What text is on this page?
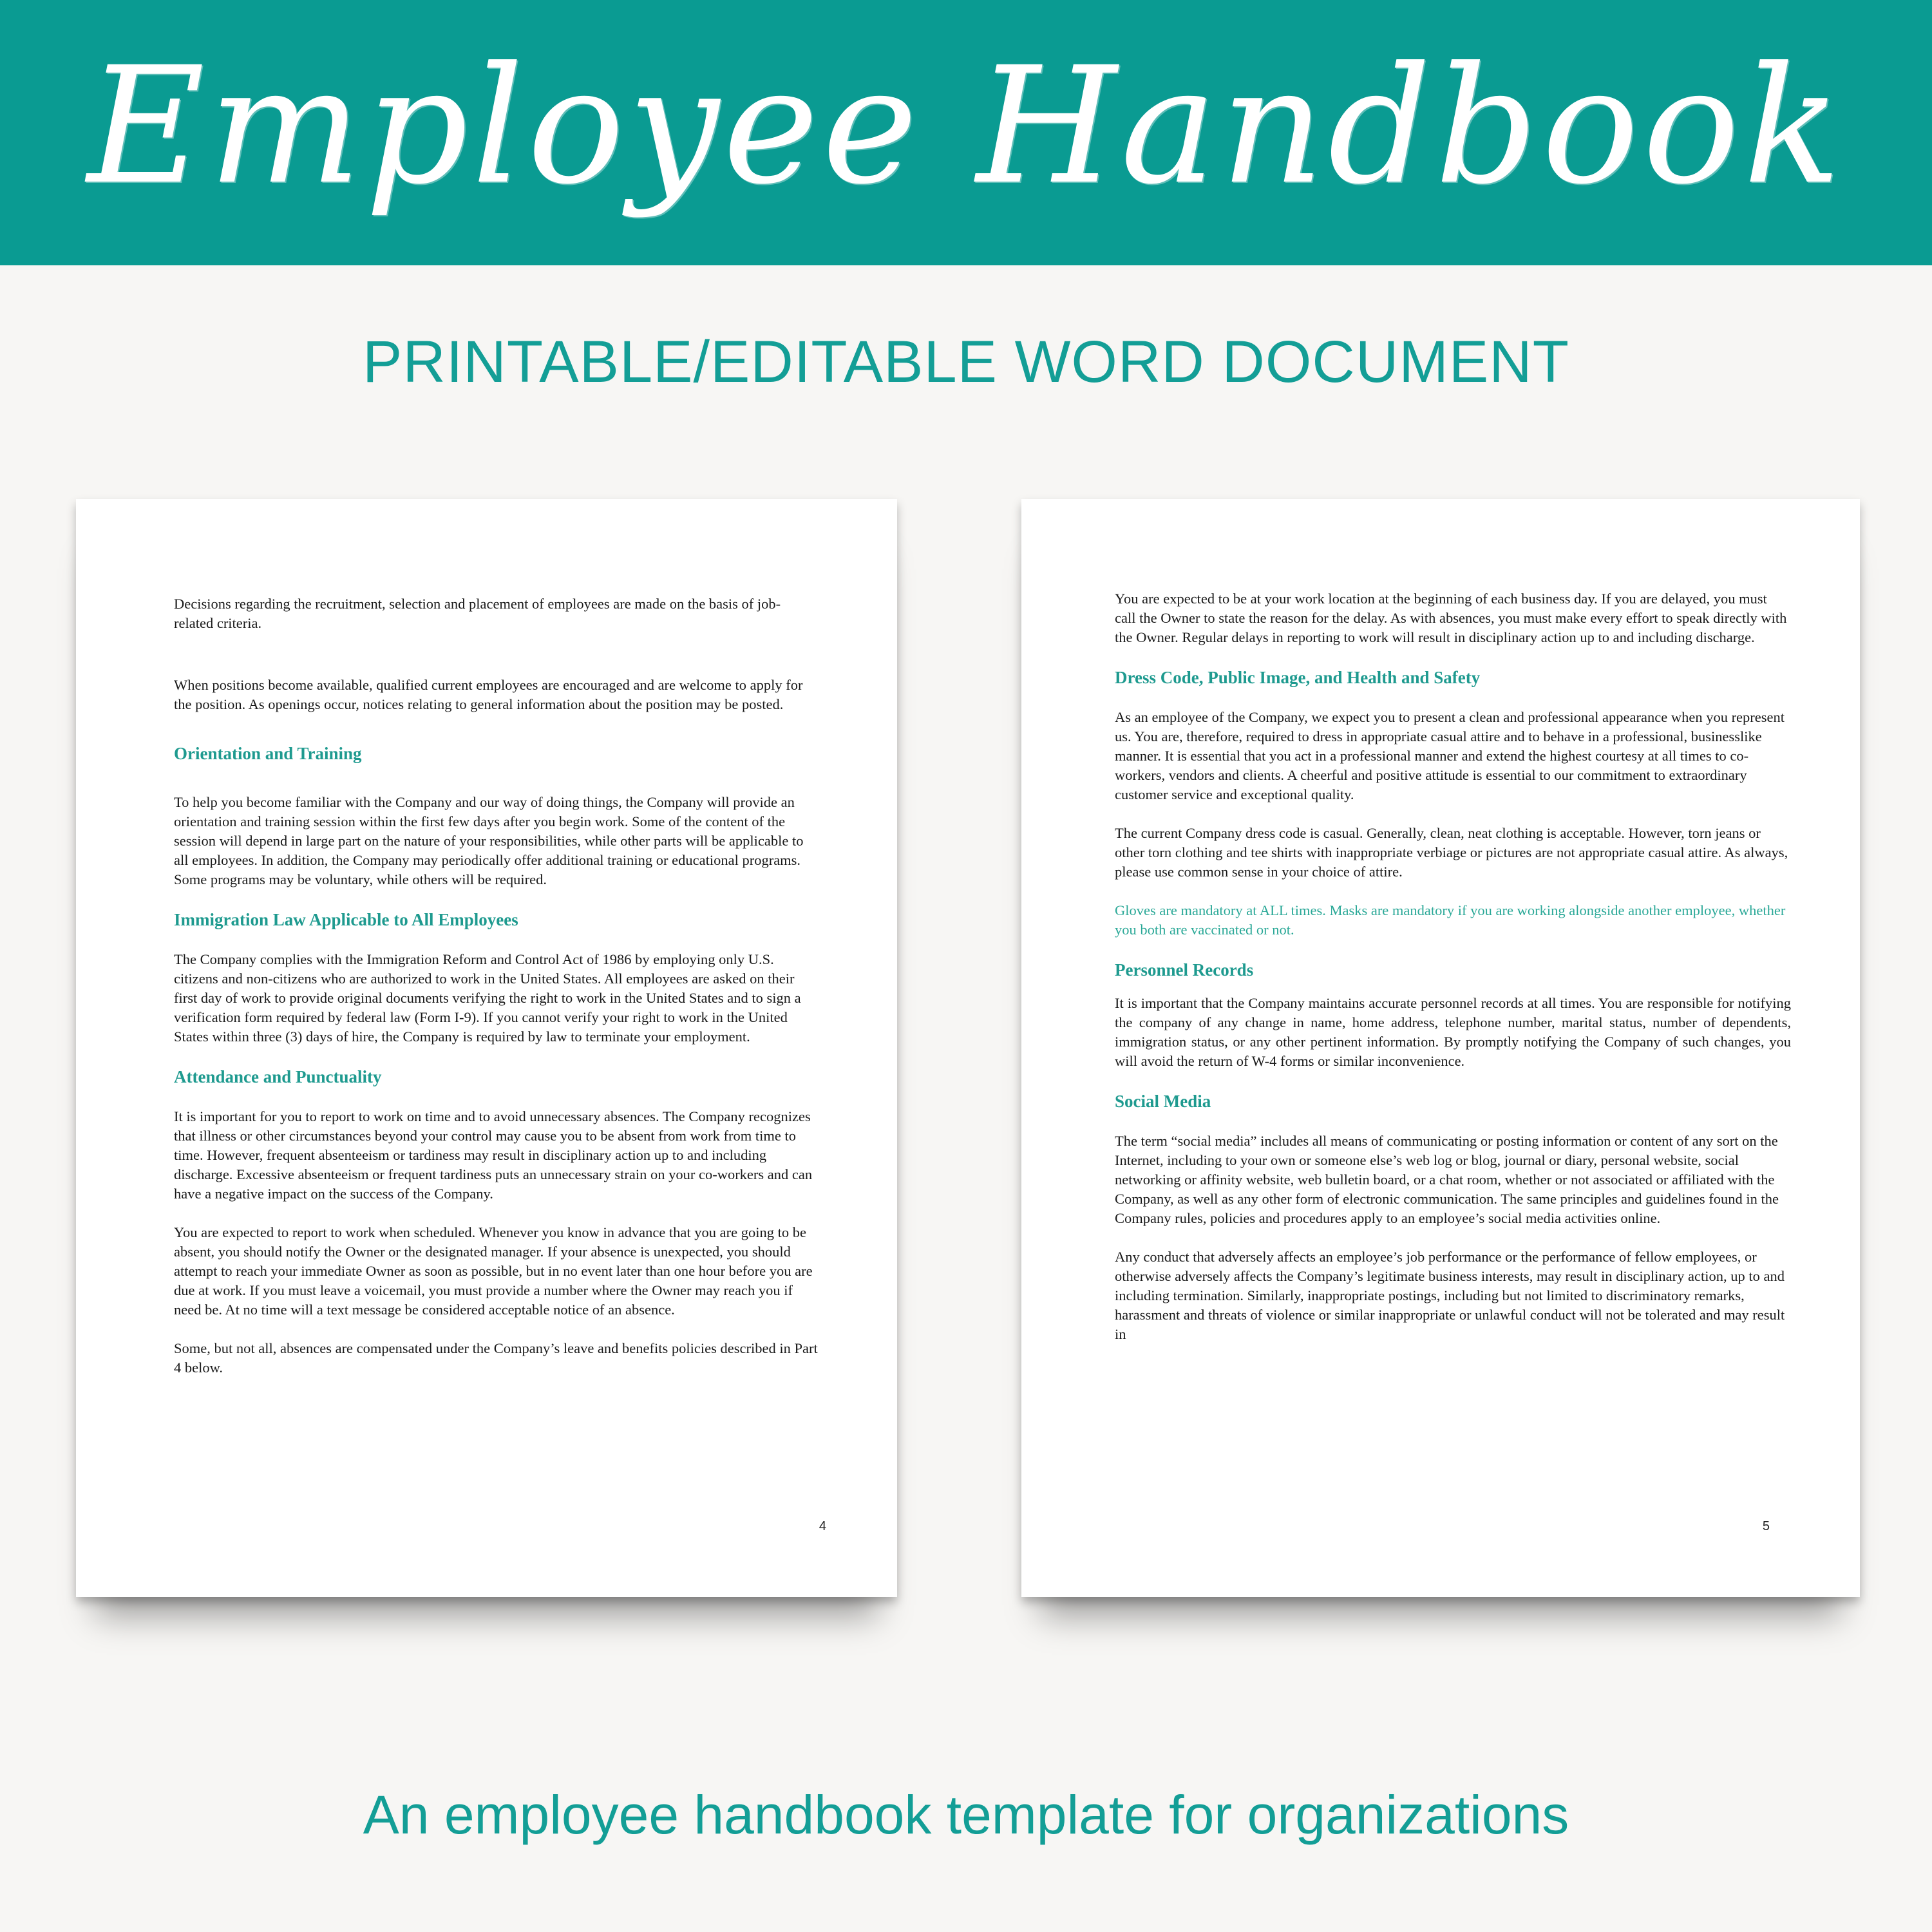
Employee Handbook
PRINTABLE/EDITABLE WORD DOCUMENT

Decisions regarding the recruitment, selection and placement of employees are made on the basis of job-related criteria.

When positions become available, qualified current employees are encouraged and are welcome to apply for the position. As openings occur, notices relating to general information about the position may be posted.

Orientation and Training

To help you become familiar with the Company and our way of doing things, the Company will provide an orientation and training session within the first few days after you begin work. Some of the content of the session will depend in large part on the nature of your responsibilities, while other parts will be applicable to all employees. In addition, the Company may periodically offer additional training or educational programs. Some programs may be voluntary, while others will be required.

Immigration Law Applicable to All Employees

The Company complies with the Immigration Reform and Control Act of 1986 by employing only U.S. citizens and non-citizens who are authorized to work in the United States. All employees are asked on their first day of work to provide original documents verifying the right to work in the United States and to sign a verification form required by federal law (Form I-9). If you cannot verify your right to work in the United States within three (3) days of hire, the Company is required by law to terminate your employment.

Attendance and Punctuality

It is important for you to report to work on time and to avoid unnecessary absences. The Company recognizes that illness or other circumstances beyond your control may cause you to be absent from work from time to time. However, frequent absenteeism or tardiness may result in disciplinary action up to and including discharge. Excessive absenteeism or frequent tardiness puts an unnecessary strain on your co-workers and can have a negative impact on the success of the Company.

You are expected to report to work when scheduled. Whenever you know in advance that you are going to be absent, you should notify the Owner or the designated manager. If your absence is unexpected, you should attempt to reach your immediate Owner as soon as possible, but in no event later than one hour before you are due at work. If you must leave a voicemail, you must provide a number where the Owner may reach you if need be. At no time will a text message be considered acceptable notice of an absence.

Some, but not all, absences are compensated under the Company’s leave and benefits policies described in Part 4 below.

4

You are expected to be at your work location at the beginning of each business day. If you are delayed, you must call the Owner to state the reason for the delay. As with absences, you must make every effort to speak directly with the Owner. Regular delays in reporting to work will result in disciplinary action up to and including discharge.

Dress Code, Public Image, and Health and Safety

As an employee of the Company, we expect you to present a clean and professional appearance when you represent us. You are, therefore, required to dress in appropriate casual attire and to behave in a professional, businesslike manner. It is essential that you act in a professional manner and extend the highest courtesy at all times to co-workers, vendors and clients. A cheerful and positive attitude is essential to our commitment to extraordinary customer service and exceptional quality.

The current Company dress code is casual. Generally, clean, neat clothing is acceptable. However, torn jeans or other torn clothing and tee shirts with inappropriate verbiage or pictures are not appropriate casual attire. As always, please use common sense in your choice of attire.

Gloves are mandatory at ALL times. Masks are mandatory if you are working alongside another employee, whether you both are vaccinated or not.

Personnel Records

It is important that the Company maintains accurate personnel records at all times. You are responsible for notifying the company of any change in name, home address, telephone number, marital status, number of dependents, immigration status, or any other pertinent information. By promptly notifying the Company of such changes, you will avoid the return of W-4 forms or similar inconvenience.

Social Media

The term “social media” includes all means of communicating or posting information or content of any sort on the Internet, including to your own or someone else’s web log or blog, journal or diary, personal website, social networking or affinity website, web bulletin board, or a chat room, whether or not associated or affiliated with the Company, as well as any other form of electronic communication. The same principles and guidelines found in the Company rules, policies and procedures apply to an employee’s social media activities online.

Any conduct that adversely affects an employee’s job performance or the performance of fellow employees, or otherwise adversely affects the Company’s legitimate business interests, may result in disciplinary action, up to and including termination. Similarly, inappropriate postings, including but not limited to discriminatory remarks, harassment and threats of violence or similar inappropriate or unlawful conduct will not be tolerated and may result in

5
An employee handbook template for organizations
